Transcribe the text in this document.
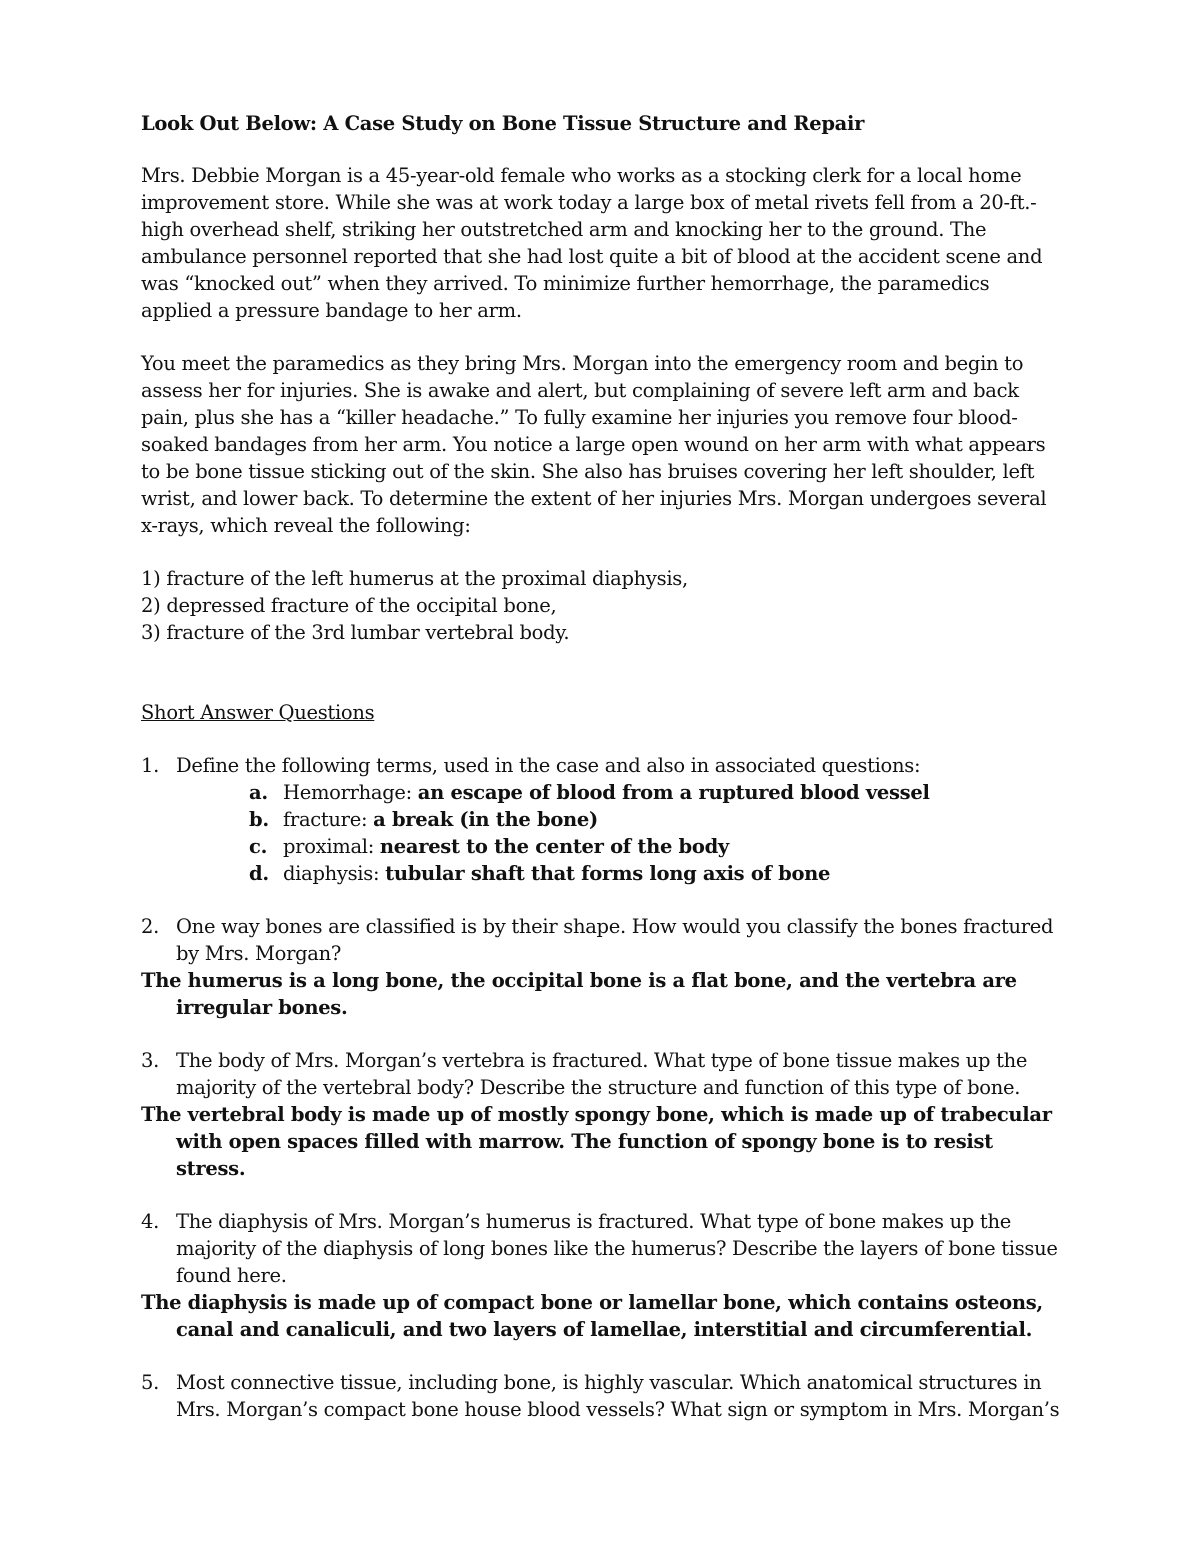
Look Out Below: A Case Study on Bone Tissue Structure and Repair

Mrs. Debbie Morgan is a 45-year-old female who works as a stocking clerk for a local home improvement store. While she was at work today a large box of metal rivets fell from a 20-ft.-high overhead shelf, striking her outstretched arm and knocking her to the ground. The ambulance personnel reported that she had lost quite a bit of blood at the accident scene and was “knocked out” when they arrived. To minimize further hemorrhage, the paramedics applied a pressure bandage to her arm.

You meet the paramedics as they bring Mrs. Morgan into the emergency room and begin to assess her for injuries. She is awake and alert, but complaining of severe left arm and back pain, plus she has a “killer headache.” To fully examine her injuries you remove four blood-soaked bandages from her arm. You notice a large open wound on her arm with what appears to be bone tissue sticking out of the skin. She also has bruises covering her left shoulder, left wrist, and lower back. To determine the extent of her injuries Mrs. Morgan undergoes several x-rays, which reveal the following:

1) fracture of the left humerus at the proximal diaphysis,
2) depressed fracture of the occipital bone,
3) fracture of the 3rd lumbar vertebral body.
Short Answer Questions
1. Define the following terms, used in the case and also in associated questions:
a. Hemorrhage: an escape of blood from a ruptured blood vessel
b. fracture: a break (in the bone)
c. proximal: nearest to the center of the body
d. diaphysis: tubular shaft that forms long axis of bone
2. One way bones are classified is by their shape. How would you classify the bones fractured by Mrs. Morgan?

The humerus is a long bone, the occipital bone is a flat bone, and the vertebra are irregular bones.

3. The body of Mrs. Morgan’s vertebra is fractured. What type of bone tissue makes up the majority of the vertebral body? Describe the structure and function of this type of bone.

The vertebral body is made up of mostly spongy bone, which is made up of trabecular with open spaces filled with marrow. The function of spongy bone is to resist stress.

4. The diaphysis of Mrs. Morgan’s humerus is fractured. What type of bone makes up the majority of the diaphysis of long bones like the humerus? Describe the layers of bone tissue found here.

The diaphysis is made up of compact bone or lamellar bone, which contains osteons, canal and canaliculi, and two layers of lamellae, interstitial and circumferential.

5. Most connective tissue, including bone, is highly vascular. Which anatomical structures in Mrs. Morgan’s compact bone house blood vessels? What sign or symptom in Mrs. Morgan’s
